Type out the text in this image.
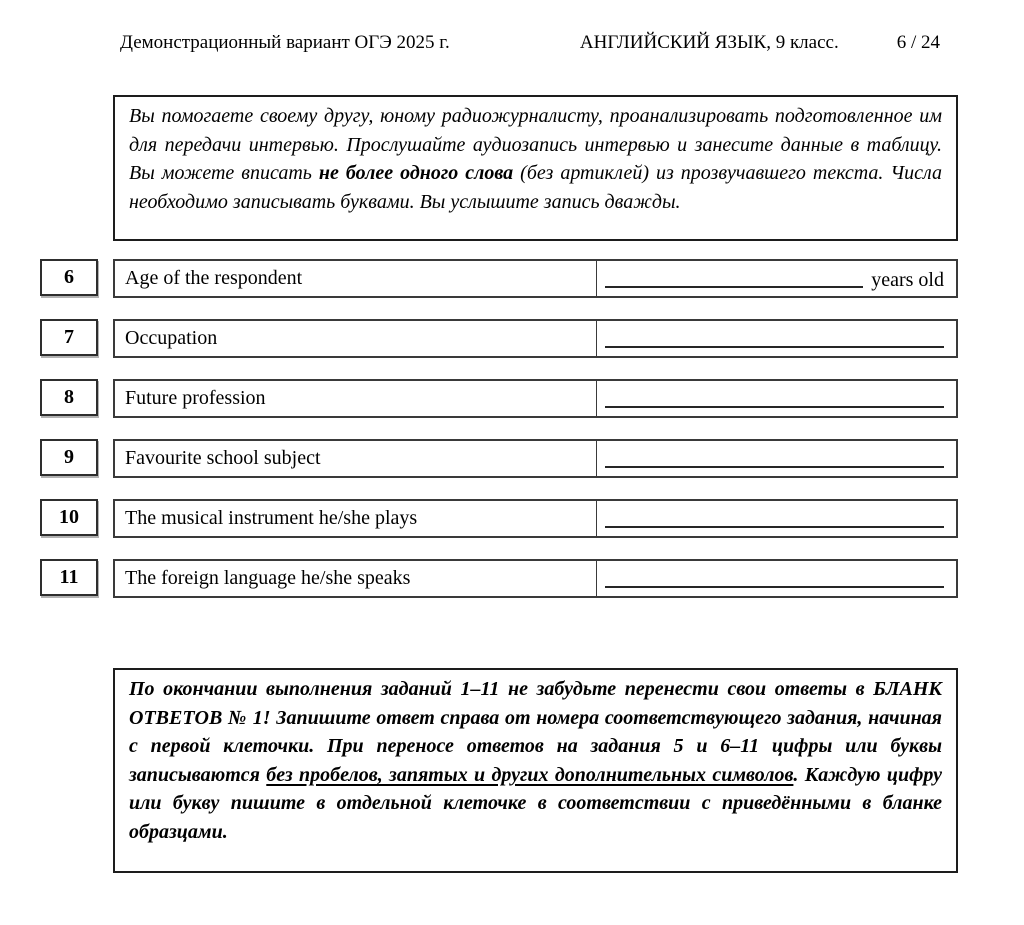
Демонстрационный вариант ОГЭ 2025 г.	АНГЛИЙСКИЙ ЯЗЫК, 9 класс.	6 / 24

Вы помогаете своему другу, юному радиожурналисту, проанализировать подготовленное им для передачи интервью. Прослушайте аудиозапись интервью и занесите данные в таблицу. Вы можете вписать не более одного слова (без артиклей) из прозвучавшего текста. Числа необходимо записывать буквами. Вы услышите запись дважды.

6	Age of the respondent	years old
7	Occupation
8	Future profession
9	Favourite school subject
10	The musical instrument he/she plays
11	The foreign language he/she speaks

По окончании выполнения заданий 1–11 не забудьте перенести свои ответы в БЛАНК ОТВЕТОВ № 1! Запишите ответ справа от номера соответствующего задания, начиная с первой клеточки. При переносе ответов на задания 5 и 6–11 цифры или буквы записываются без пробелов, запятых и других дополнительных символов. Каждую цифру или букву пишите в отдельной клеточке в соответствии с приведёнными в бланке образцами.
